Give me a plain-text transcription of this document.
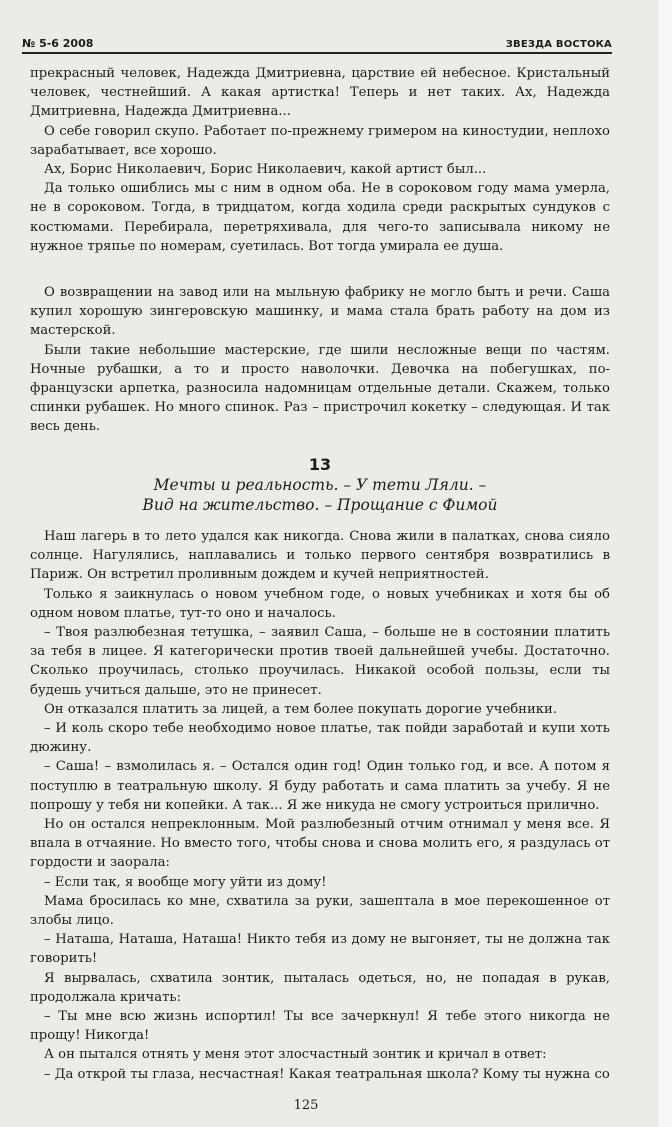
№ 5-6 2008	ЗВЕЗДА ВОСТОКА

прекрасный человек, Надежда Дмитриевна, царствие ей небесное. Кристальный человек, честнейший. А какая артистка! Теперь и нет таких. Ах, Надежда Дмитриевна, Надежда Дмитриевна...

О себе говорил скупо. Работает по-прежнему гримером на киностудии, неплохо зарабатывает, все хорошо.

Ах, Борис Николаевич, Борис Николаевич, какой артист был...

Да только ошиблись мы с ним в одном оба. Не в сороковом году мама умерла, не в сороковом. Тогда, в тридцатом, когда ходила среди раскрытых сундуков с костюмами. Перебирала, перетряхивала, для чего-то записывала никому не нужное тряпье по номерам, суетилась. Вот тогда умирала ее душа.

О возвращении на завод или на мыльную фабрику не могло быть и речи. Саша купил хорошую зингеровскую машинку, и мама стала брать работу на дом из мастерской.

Были такие небольшие мастерские, где шили несложные вещи по частям. Ночные рубашки, а то и просто наволочки. Девочка на побегушках, по-французски арпетка, разносила надомницам отдельные детали. Скажем, только спинки рубашек. Но много спинок. Раз – пристрочил кокетку – следующая. И так весь день.

13
Мечты и реальность. – У тети Ляли. –
Вид на жительство. – Прощание с Фимой

Наш лагерь в то лето удался как никогда. Снова жили в палатках, снова сияло солнце. Нагулялись, наплавались и только первого сентября возвратились в Париж. Он встретил проливным дождем и кучей неприятностей.

Только я заикнулась о новом учебном годе, о новых учебниках и хотя бы об одном новом платье, тут-то оно и началось.

– Твоя разлюбезная тетушка, – заявил Саша, – больше не в состоянии платить за тебя в лицее. Я категорически против твоей дальнейшей учебы. Достаточно. Сколько проучилась, столько проучилась. Никакой особой пользы, если ты будешь учиться дальше, это не принесет.

Он отказался платить за лицей, а тем более покупать дорогие учебники.

– И коль скоро тебе необходимо новое платье, так пойди заработай и купи хоть дюжину.

– Саша! – взмолилась я. – Остался один год! Один только год, и все. А потом я поступлю в театральную школу. Я буду работать и сама платить за учебу. Я не попрошу у тебя ни копейки. А так... Я же никуда не смогу устроиться прилично.

Но он остался непреклонным. Мой разлюбезный отчим отнимал у меня все. Я впала в отчаяние. Но вместо того, чтобы снова и снова молить его, я раздулась от гордости и заорала:

– Если так, я вообще могу уйти из дому!

Мама бросилась ко мне, схватила за руки, зашептала в мое перекошенное от злобы лицо.

– Наташа, Наташа, Наташа! Никто тебя из дому не выгоняет, ты не должна так говорить!

Я вырвалась, схватила зонтик, пыталась одеться, но, не попадая в рукав, продолжала кричать:

– Ты мне всю жизнь испортил! Ты все зачеркнул! Я тебе этого никогда не прощу! Никогда!

А он пытался отнять у меня этот злосчастный зонтик и кричал в ответ:

– Да открой ты глаза, несчастная! Какая театральная школа? Кому ты нужна со

125
